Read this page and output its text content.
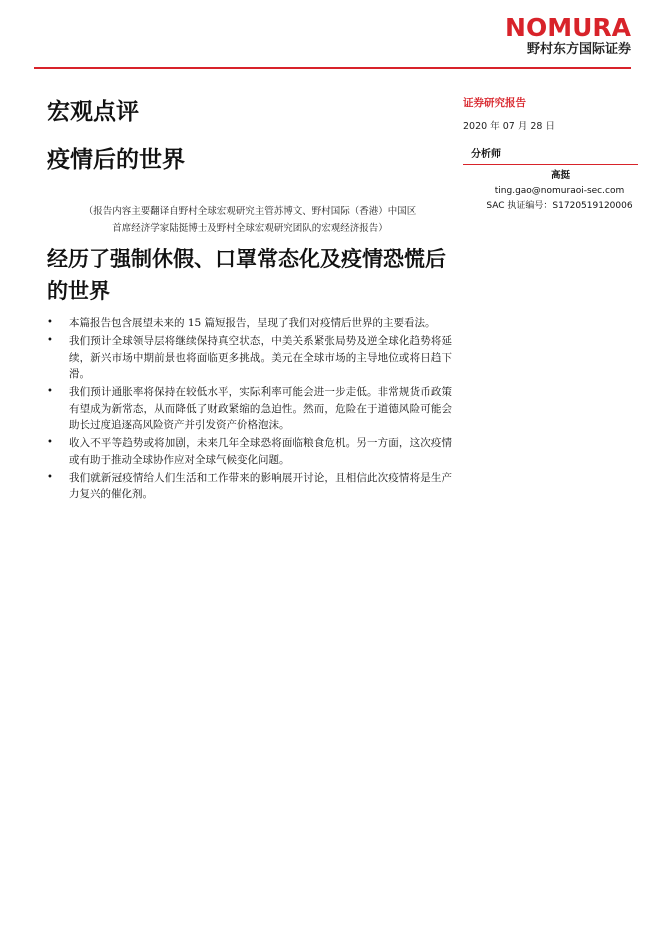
NOMURA
野村东方国际证券
宏观点评
疫情后的世界
（报告内容主要翻译自野村全球宏观研究主管苏博文、野村国际（香港）中国区
首席经济学家陆挺博士及野村全球宏观研究团队的宏观经济报告）
经历了强制休假、口罩常态化及疫情恐慌后的世界
• 本篇报告包含展望未来的 15 篇短报告，呈现了我们对疫情后世界的主要看法。
• 我们预计全球领导层将继续保持真空状态，中美关系紧张局势及逆全球化趋势将延续，新兴市场中期前景也将面临更多挑战。美元在全球市场的主导地位或将日趋下滑。
• 我们预计通胀率将保持在较低水平，实际利率可能会进一步走低。非常规货币政策有望成为新常态，从而降低了财政紧缩的急迫性。然而，危险在于道德风险可能会助长过度追逐高风险资产并引发资产价格泡沫。
• 收入不平等趋势或将加剧，未来几年全球恐将面临粮食危机。另一方面，这次疫情或有助于推动全球协作应对全球气候变化问题。
• 我们就新冠疫情给人们生活和工作带来的影响展开讨论，且相信此次疫情将是生产力复兴的催化剂。
证券研究报告
2020 年 07 月 28 日
分析师
高挺
ting.gao@nomuraoi-sec.com
SAC 执证编号：S1720519120006
